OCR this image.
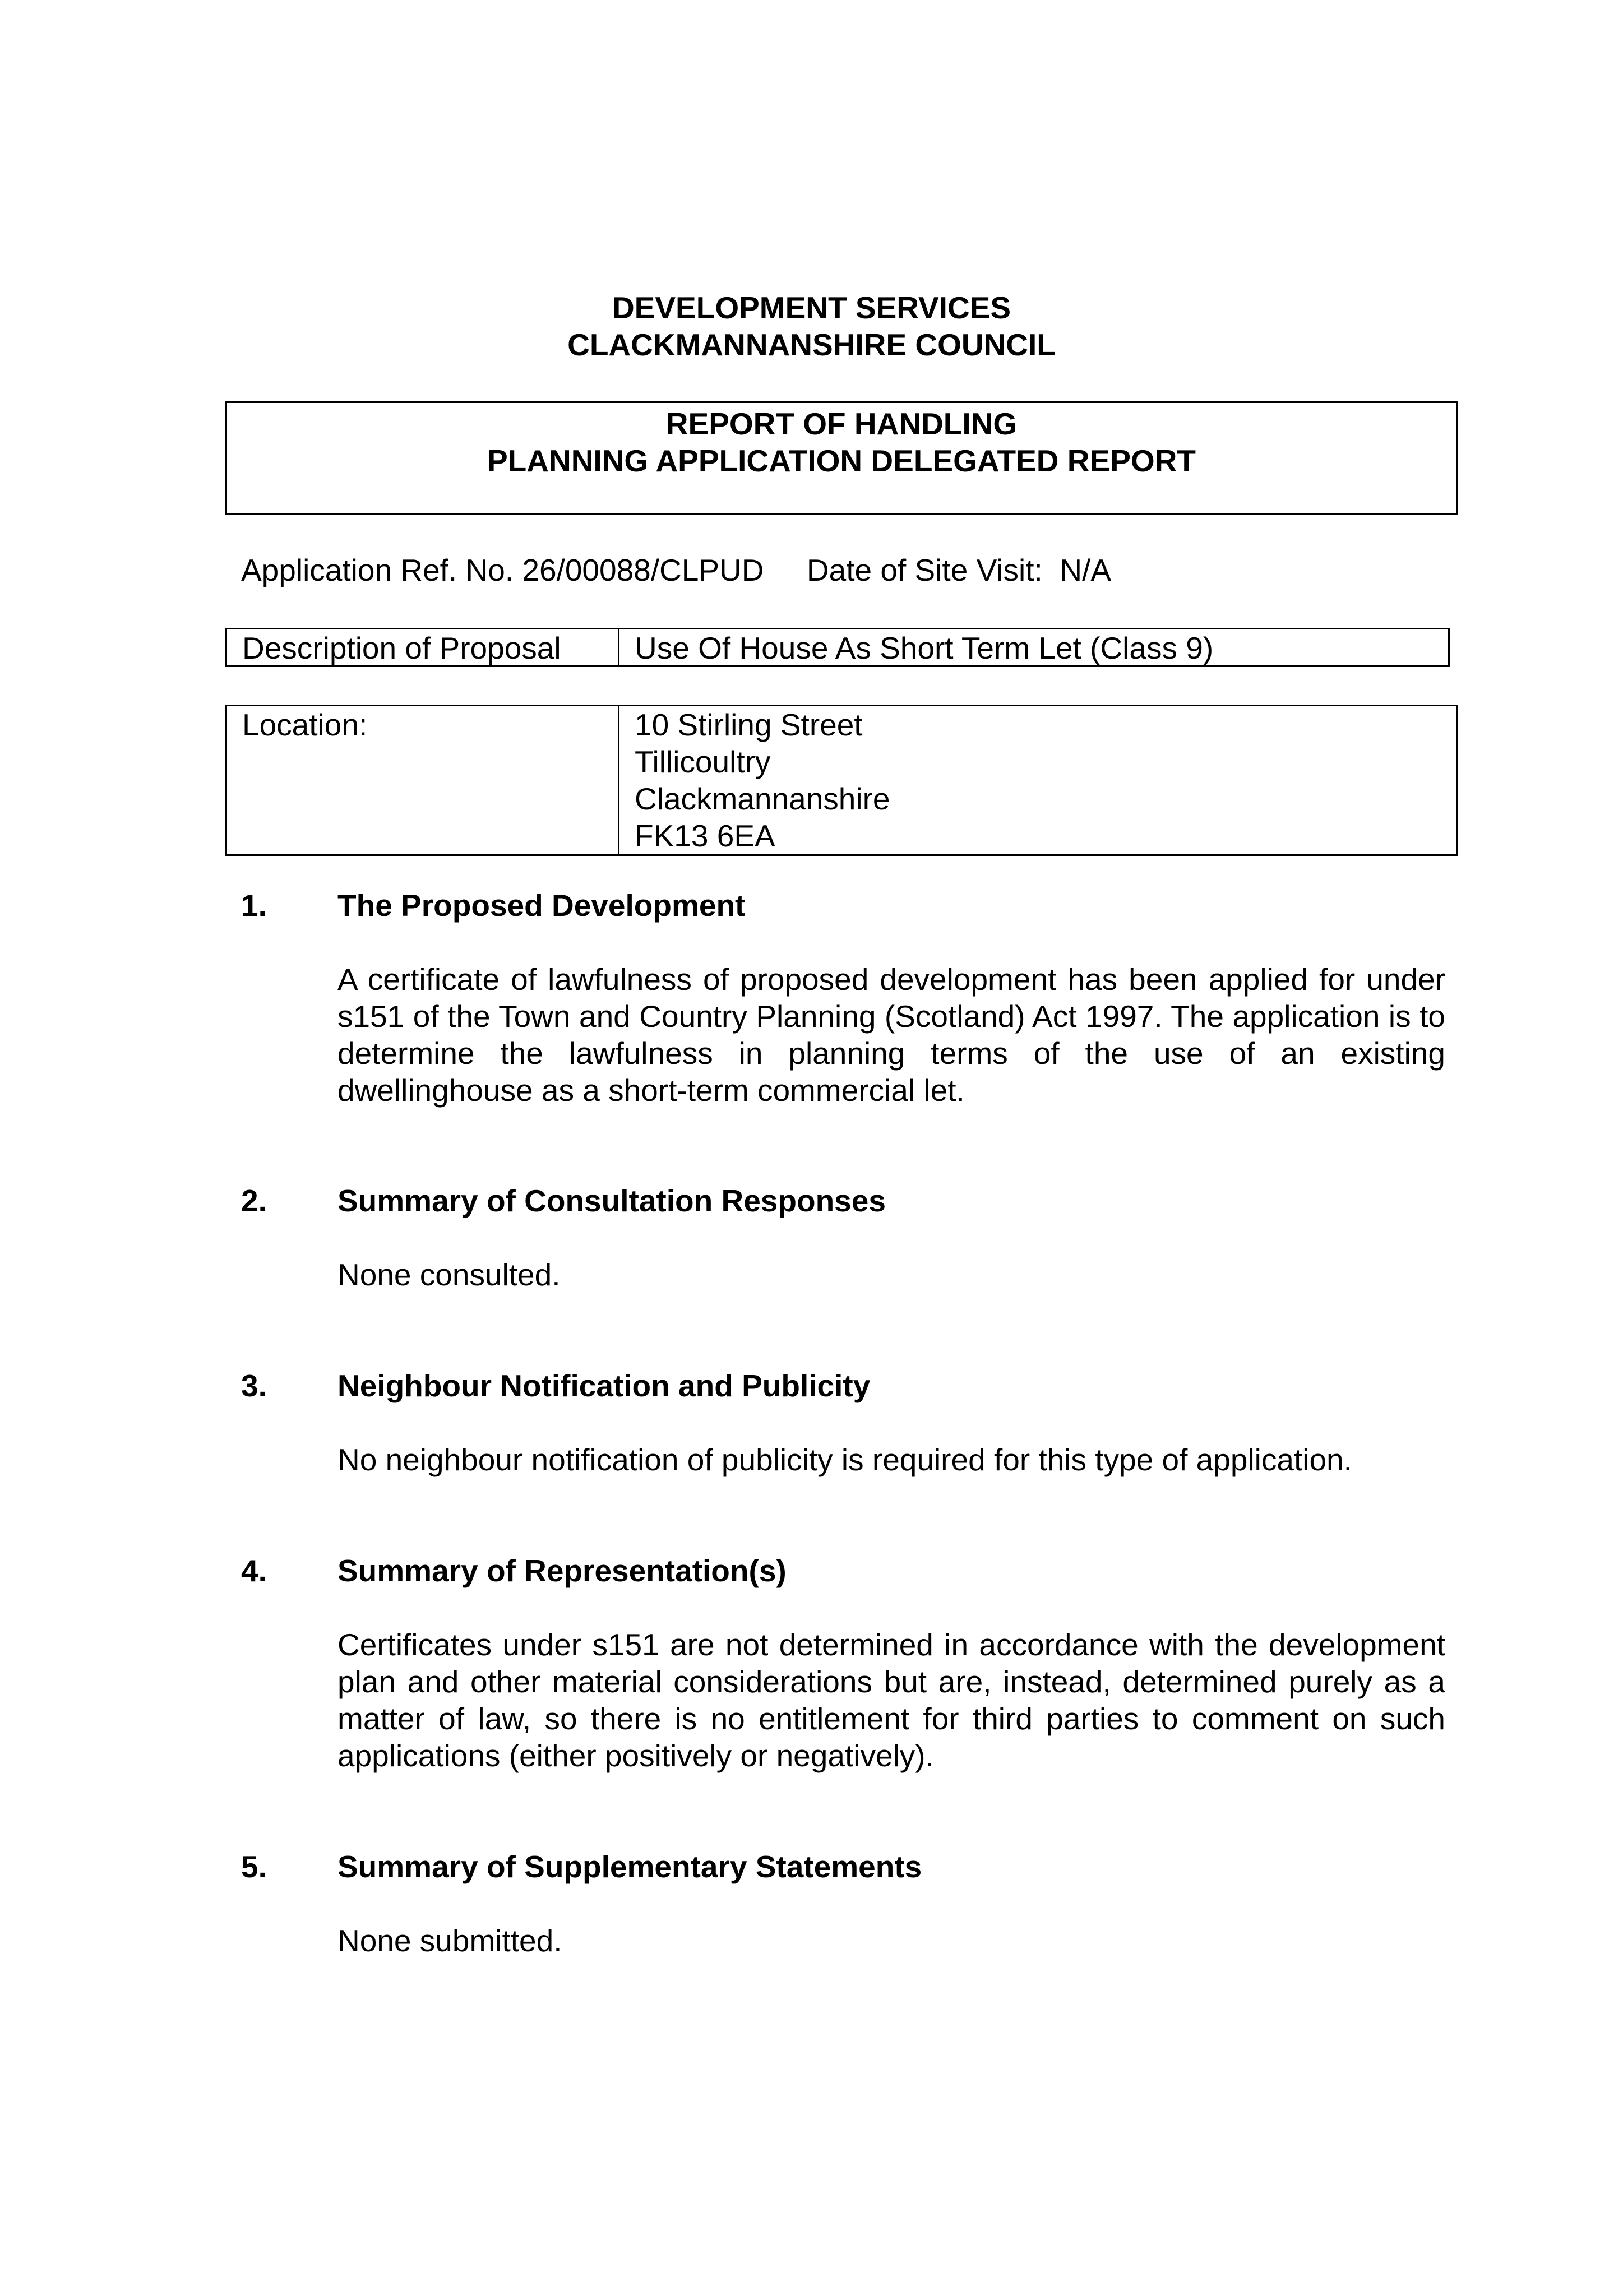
DEVELOPMENT SERVICES
CLACKMANNANSHIRE COUNCIL
REPORT OF HANDLING
PLANNING APPLICATION DELEGATED REPORT
Application Ref. No. 26/00088/CLPUD Date of Site Visit: N/A
Description of Proposal	Use Of House As Short Term Let (Class 9)
Location:	10 Stirling Street
Tillicoultry
Clackmannanshire
FK13 6EA
1. The Proposed Development
A certificate of lawfulness of proposed development has been applied for under s151 of the Town and Country Planning (Scotland) Act 1997. The application is to determine the lawfulness in planning terms of the use of an existing dwellinghouse as a short-term commercial let.
2. Summary of Consultation Responses
None consulted.
3. Neighbour Notification and Publicity
No neighbour notification of publicity is required for this type of application.
4. Summary of Representation(s)
Certificates under s151 are not determined in accordance with the development plan and other material considerations but are, instead, determined purely as a matter of law, so there is no entitlement for third parties to comment on such applications (either positively or negatively).
5. Summary of Supplementary Statements
None submitted.
